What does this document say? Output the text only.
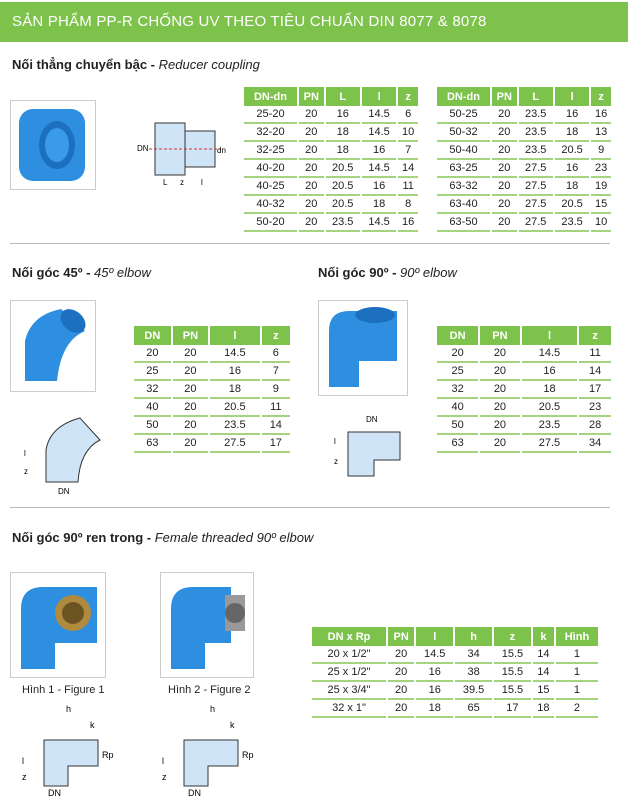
SẢN PHẨM PP-R CHỐNG UV THEO TIÊU CHUẨN DIN 8077 & 8078
Nối thẳng chuyển bậc - Reducer coupling
DN	dn
L z l
DN-dn	PN	L	l	z
25-20	20	16	14.5	6
32-20	20	18	14.5	10
32-25	20	18	16	7
40-20	20	20.5	14.5	14
40-25	20	20.5	16	11
40-32	20	20.5	18	8
50-20	20	23.5	14.5	16
DN-dn	PN	L	l	z
50-25	20	23.5	16	16
50-32	20	23.5	18	13
50-40	20	23.5	20.5	9
63-25	20	27.5	16	23
63-32	20	27.5	18	19
63-40	20	27.5	20.5	15
63-50	20	27.5	23.5	10
Nối góc 45º - 45º elbow
l
z
DN
DN	PN	l	z
20	20	14.5	6
25	20	16	7
32	20	18	9
40	20	20.5	11
50	20	23.5	14
63	20	27.5	17
Nối góc 90º - 90º elbow
DN
l
z
DN	PN	l	z
20	20	14.5	11
25	20	16	14
32	20	18	17
40	20	20.5	23
50	20	23.5	28
63	20	27.5	34
Nối góc 90º ren trong - Female threaded 90º elbow
Hình 1 - Figure 1	Hình 2 - Figure 2
h
k
Rp
l
z
DN
h
k
Rp
l
z
DN
DN x Rp	PN	l	h	z	k	Hình
20 x 1/2"	20	14.5	34	15.5	14	1
25 x 1/2"	20	16	38	15.5	14	1
25 x 3/4"	20	16	39.5	15.5	15	1
32 x 1"	20	18	65	17	18	2
